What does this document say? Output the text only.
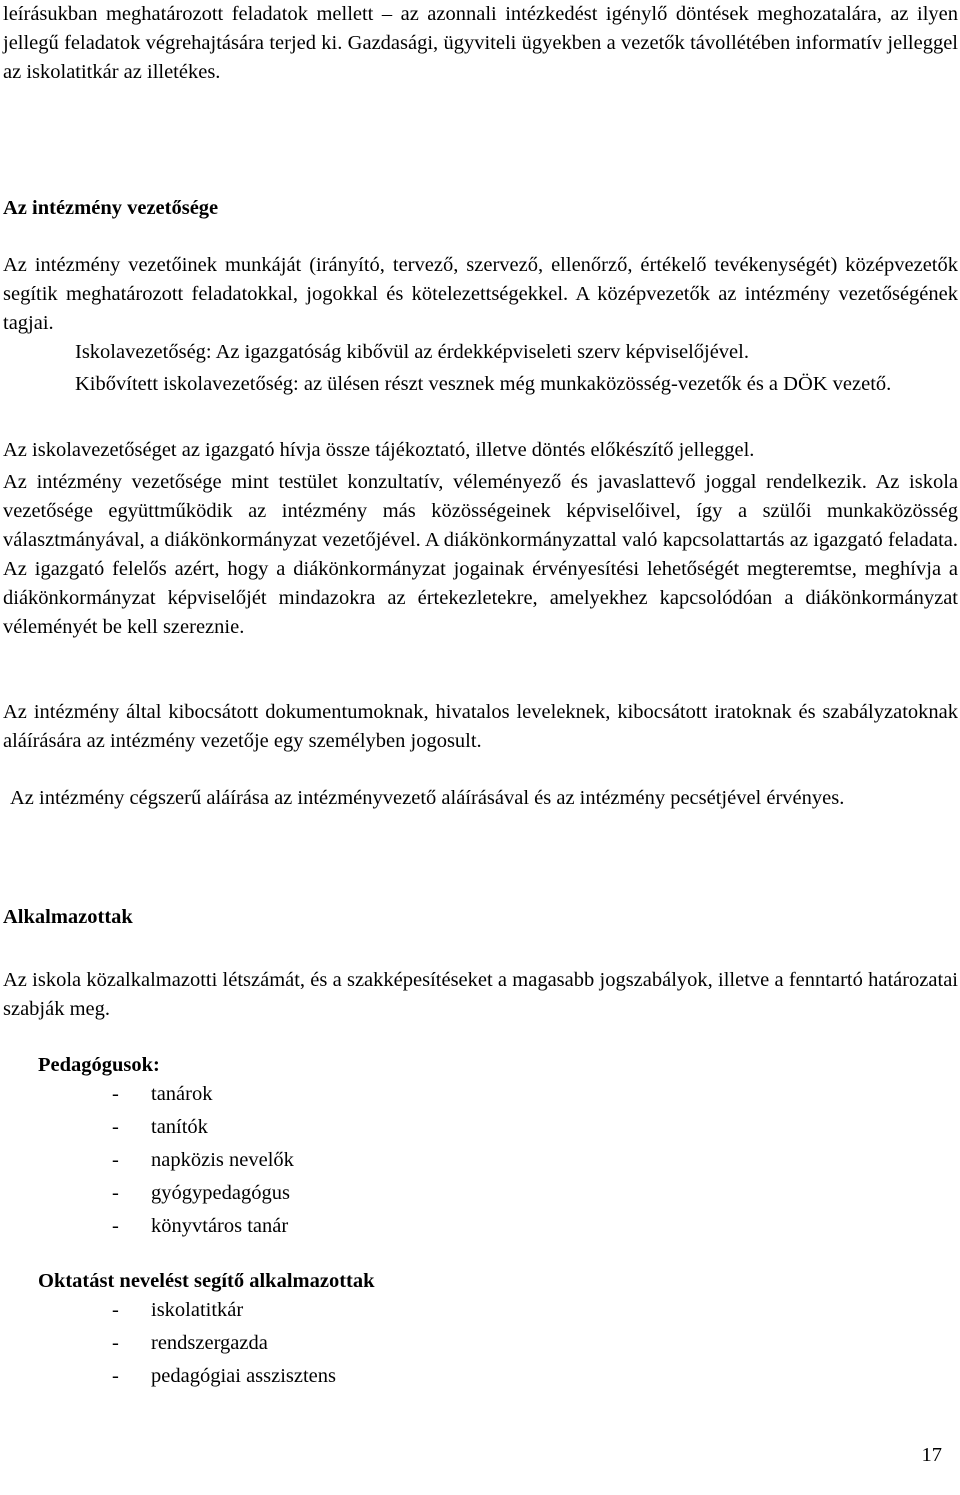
leírásukban meghatározott feladatok mellett – az azonnali intézkedést igénylő döntések meghozatalára, az ilyen jellegű feladatok végrehajtására terjed ki. Gazdasági, ügyviteli ügyekben a vezetők távollétében informatív jelleggel az iskolatitkár az illetékes.

Az intézmény vezetősége

Az intézmény vezetőinek munkáját (irányító, tervező, szervező, ellenőrző, értékelő tevékenységét) középvezetők segítik meghatározott feladatokkal, jogokkal és kötelezettségekkel. A középvezetők az intézmény vezetőségének tagjai.

Iskolavezetőség: Az igazgatóság kibővül az érdekképviseleti szerv képviselőjével.

Kibővített iskolavezetőség: az ülésen részt vesznek még munkaközösség-vezetők és a DÖK vezető.

Az iskolavezetőséget az igazgató hívja össze tájékoztató, illetve döntés előkészítő jelleggel.

Az intézmény vezetősége mint testület konzultatív, véleményező és javaslattevő joggal rendelkezik. Az iskola vezetősége együttműködik az intézmény más közösségeinek képviselőivel, így a szülői munkaközösség választmányával, a diákönkormányzat vezetőjével. A diákönkormányzattal való kapcsolattartás az igazgató feladata. Az igazgató felelős azért, hogy a diákönkormányzat jogainak érvényesítési lehetőségét megteremtse, meghívja a diákönkormányzat képviselőjét mindazokra az értekezletekre, amelyekhez kapcsolódóan a diákönkormányzat véleményét be kell szereznie.

Az intézmény által kibocsátott dokumentumoknak, hivatalos leveleknek, kibocsátott iratoknak és szabályzatoknak aláírására az intézmény vezetője egy személyben jogosult.

Az intézmény cégszerű aláírása az intézményvezető aláírásával és az intézmény pecsétjével érvényes.

Alkalmazottak

Az iskola közalkalmazotti létszámát, és a szakképesítéseket a magasabb jogszabályok, illetve a fenntartó határozatai szabják meg.

Pedagógusok:
- tanárok
- tanítók
- napközis nevelők
- gyógypedagógus
- könyvtáros tanár
Oktatást nevelést segítő alkalmazottak
- iskolatitkár
- rendszergazda
- pedagógiai asszisztens

17
